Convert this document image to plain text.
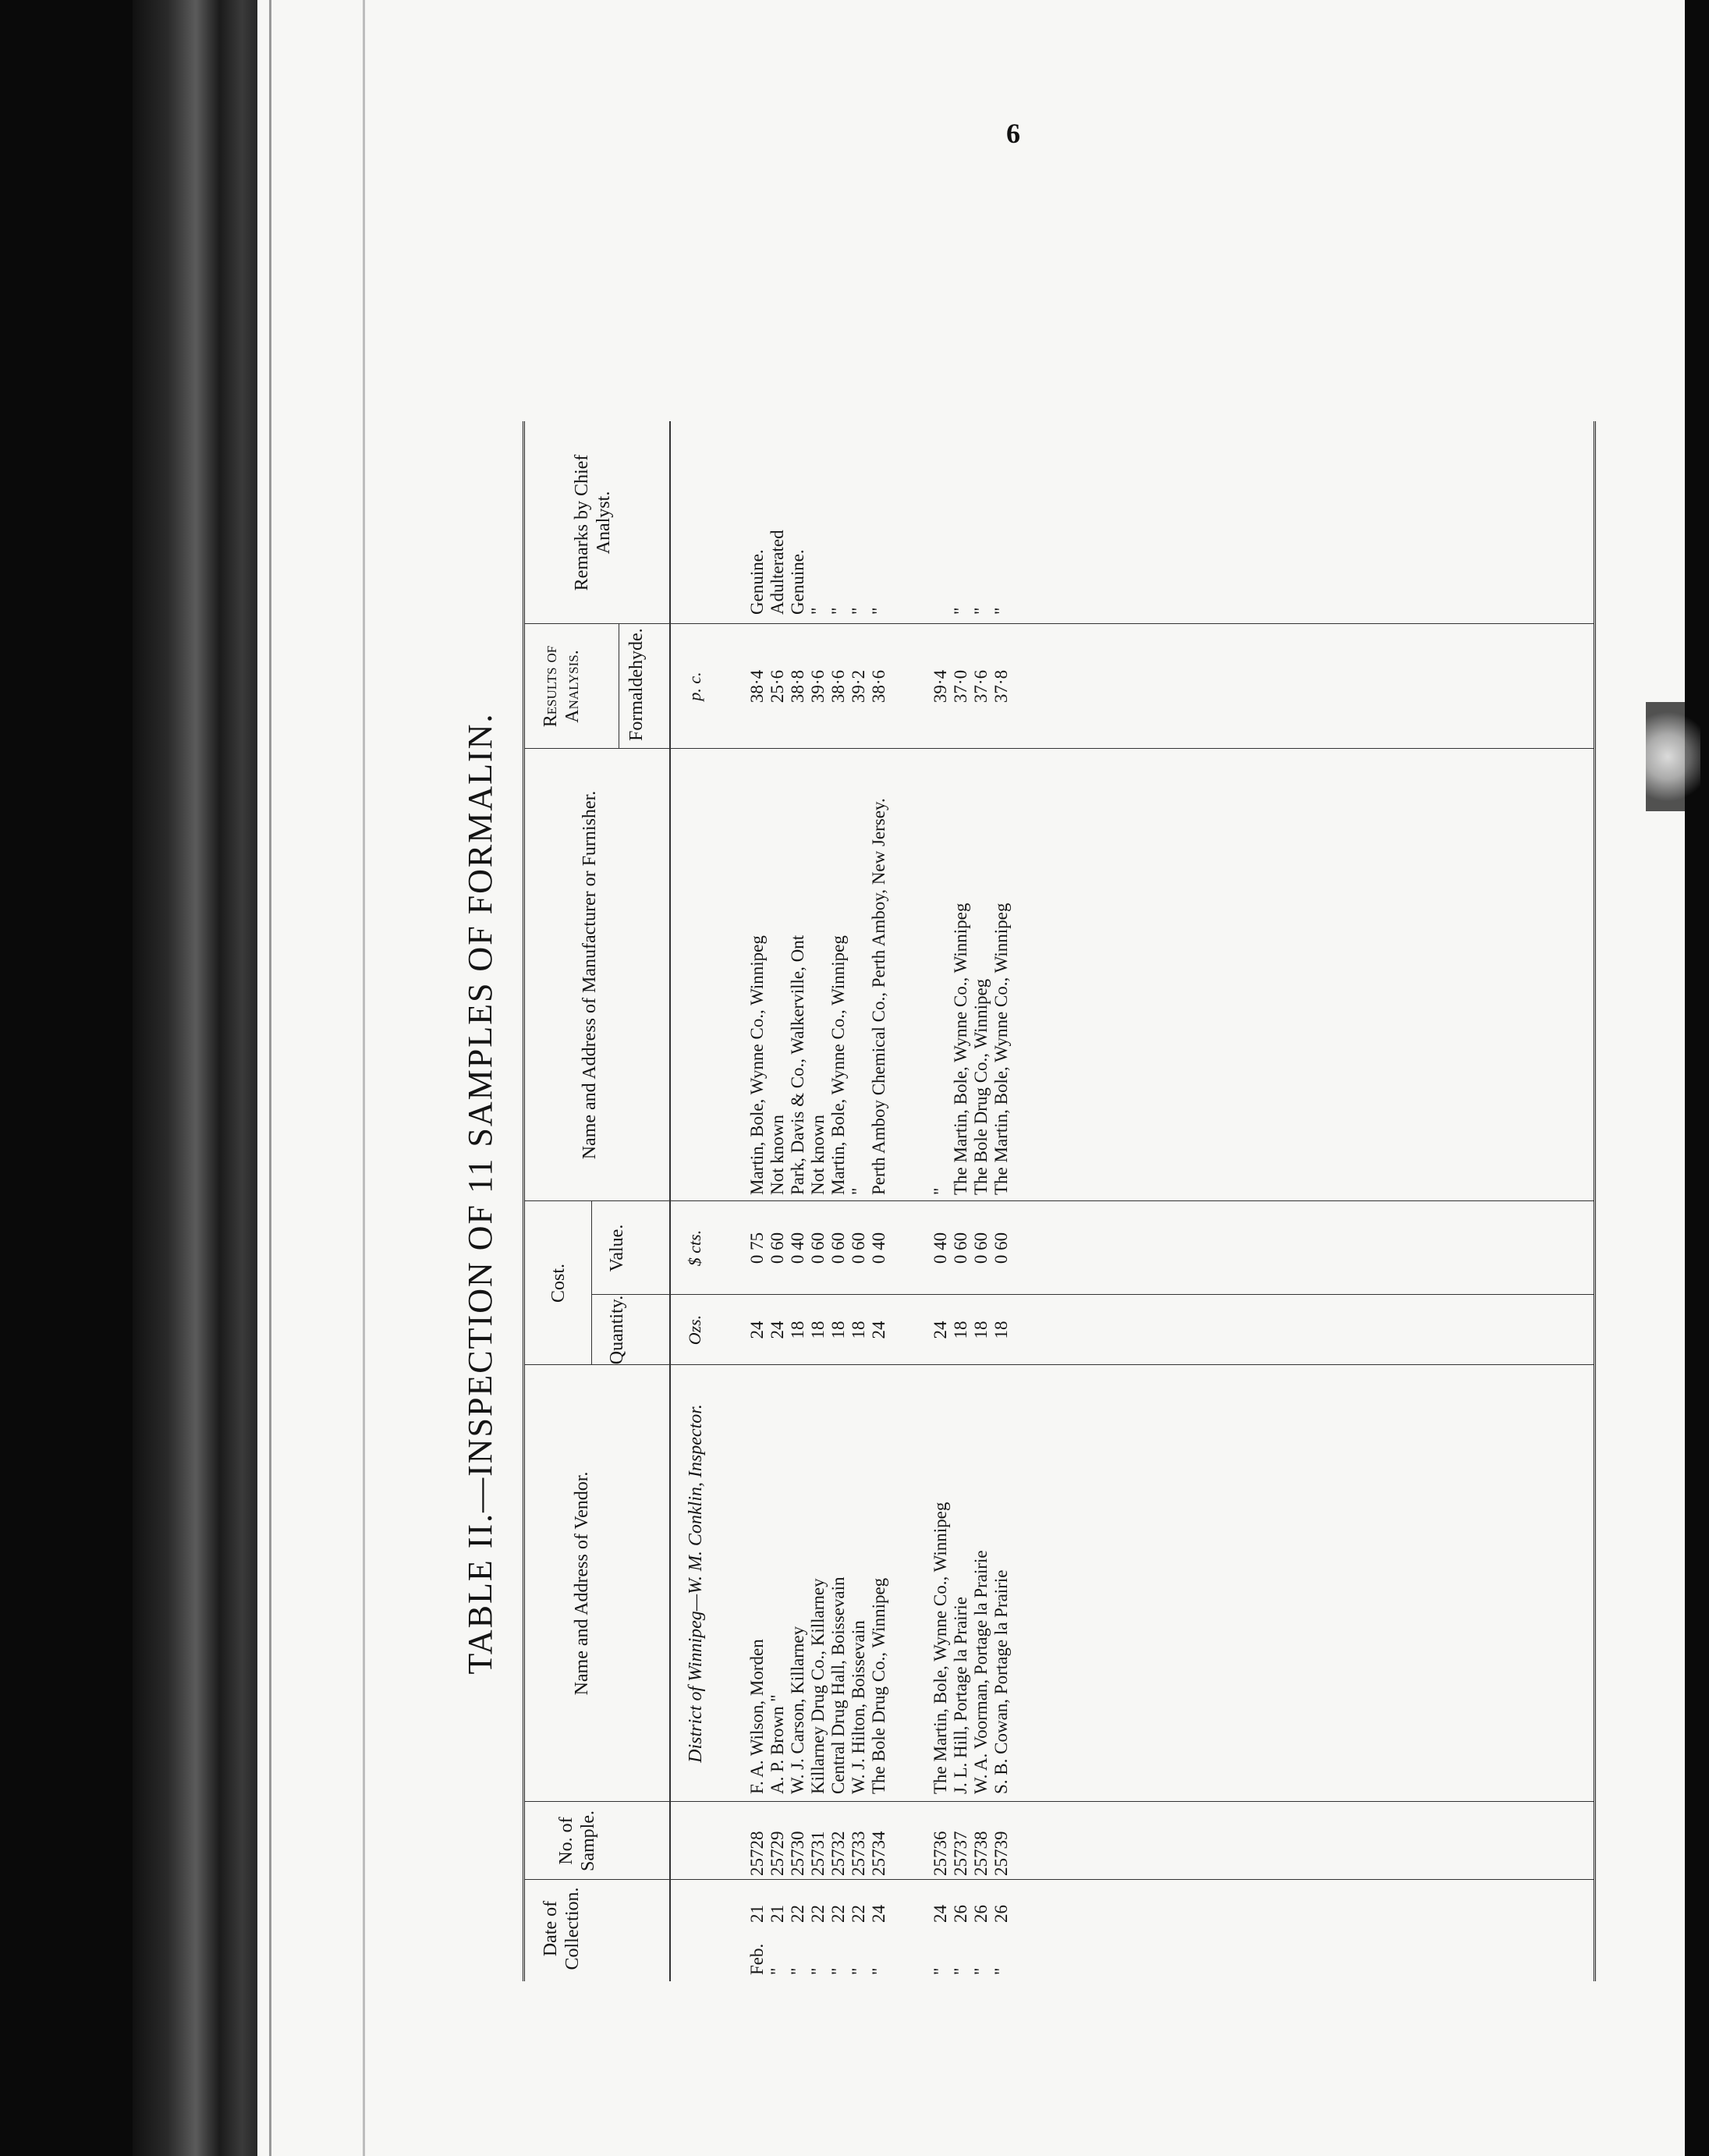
6
TABLE II.—INSPECTION OF 11 SAMPLES OF FORMALIN.
Date of Collection.
No. of Sample.
Name and Address of Vendor.
Cost.
Quantity.
Value.
Name and Address of Manufacturer or Furnisher.
Results of Analysis. Formaldehyde.
Remarks by Chief Analyst.
Ozs.
$ cts.
p. c.
District of Winnipeg—W. M. Conklin, Inspector.
Feb.
21
25728
F. A. Wilson, Morden
24
0 75
Martin, Bole, Wynne Co., Winnipeg
38·4
Genuine.
"
21
25729
A. P. Brown "
24
0 60
Not known
25·6
Adulterated
"
22
25730
W. J. Carson, Killarney
18
0 40
Park, Davis & Co., Walkerville, Ont
38·8
Genuine.
"
22
25731
Killarney Drug Co., Killarney
18
0 60
Not known
39·6
"
"
22
25732
Central Drug Hall, Boissevain
18
0 60
Martin, Bole, Wynne Co., Winnipeg
38·6
"
"
22
25733
W. J. Hilton, Boissevain
18
0 60
"
39·2
"
"
24
25734
The Bole Drug Co., Winnipeg
24
0 40
Perth Amboy Chemical Co., Perth Amboy, New Jersey.
38·6
"
"
24
25736
The Martin, Bole, Wynne Co., Winnipeg
24
0 40
"
39·4
"
26
25737
J. L. Hill, Portage la Prairie
18
0 60
The Martin, Bole, Wynne Co., Winnipeg
37·0
"
"
26
25738
W. A. Voorman, Portage la Prairie
18
0 60
The Bole Drug Co., Winnipeg
37·6
"
"
26
25739
S. B. Cowan, Portage la Prairie
18
0 60
The Martin, Bole, Wynne Co., Winnipeg
37·8
"
